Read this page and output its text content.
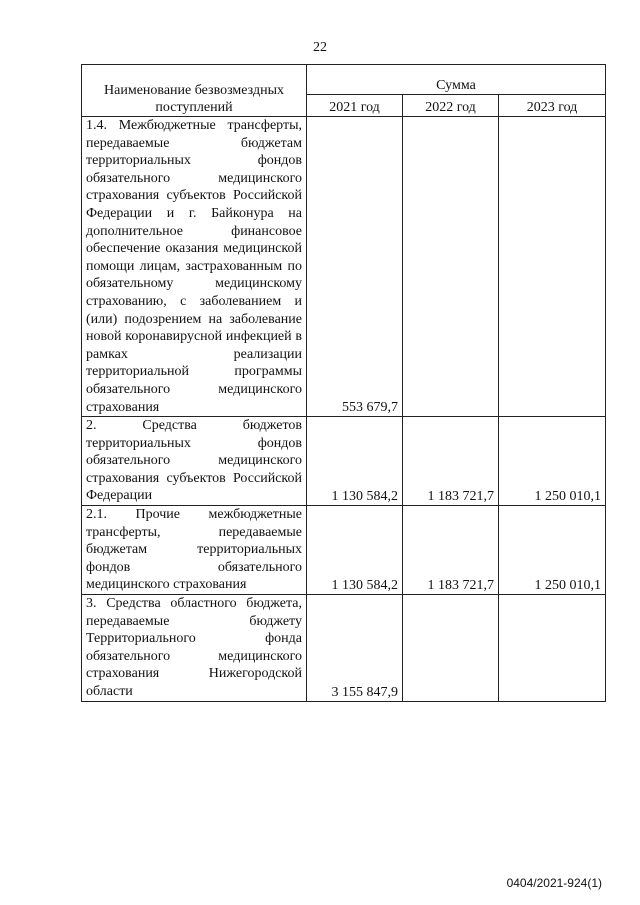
22
Наименование безвозмездных поступлений	Сумма		
	2021 год	2022 год	2023 год
1.4. Межбюджетные трансферты, передаваемые бюджетам территориальных фондов обязательного медицинского страхования субъектов Российской Федерации и г. Байконура на дополнительное финансовое обеспечение оказания медицинской помощи лицам, застрахованным по обязательному медицинскому страхованию, с заболеванием и (или) подозрением на заболевание новой коронавирусной инфекцией в рамках реализации территориальной программы обязательного медицинского страхования	553 679,7		
2. Средства бюджетов территориальных фондов обязательного медицинского страхования субъектов Российской Федерации	1 130 584,2	1 183 721,7	1 250 010,1
2.1. Прочие межбюджетные трансферты, передаваемые бюджетам территориальных фондов обязательного медицинского страхования	1 130 584,2	1 183 721,7	1 250 010,1
3. Средства областного бюджета, передаваемые бюджету Территориального фонда обязательного медицинского страхования Нижегородской области	3 155 847,9		
0404/2021-924(1)
